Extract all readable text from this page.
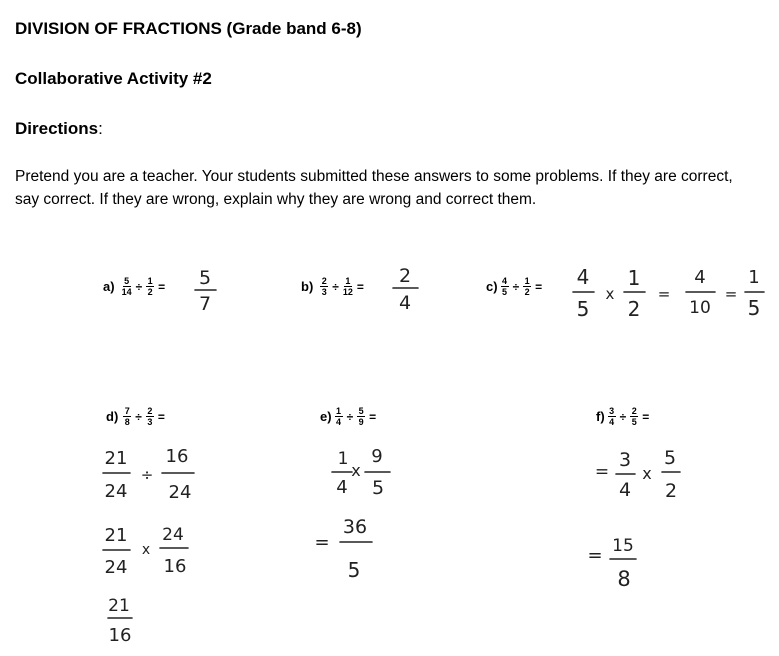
DIVISION OF FRACTIONS (Grade band 6-8)
Collaborative Activity #2
Directions:
Pretend you are a teacher. Your students submitted these answers to some problems. If they are correct, say correct. If they are wrong, explain why they are wrong and correct them.
$a) \frac{5}{14} \div \frac{1}{2} = 5$
7
$b) \frac{2}{3} \div \frac{1}{12} = 2$
4
$c) \frac{4}{5} \div \frac{1}{2} = 4$
5
x
1
2
=
4
10
=
1
5
$d) \frac{7}{8} \div \frac{2}{3}$ =
21
24
÷
16
24
21
24
x
24
16
21
16
$e) \frac{1}{4} \div \frac{5}{9}$ =
1
4
x
9
5
=
36
5
$f) \frac{3}{4} \div \frac{2}{5}$ =
=
3
4
x
5
2
= 15
8
